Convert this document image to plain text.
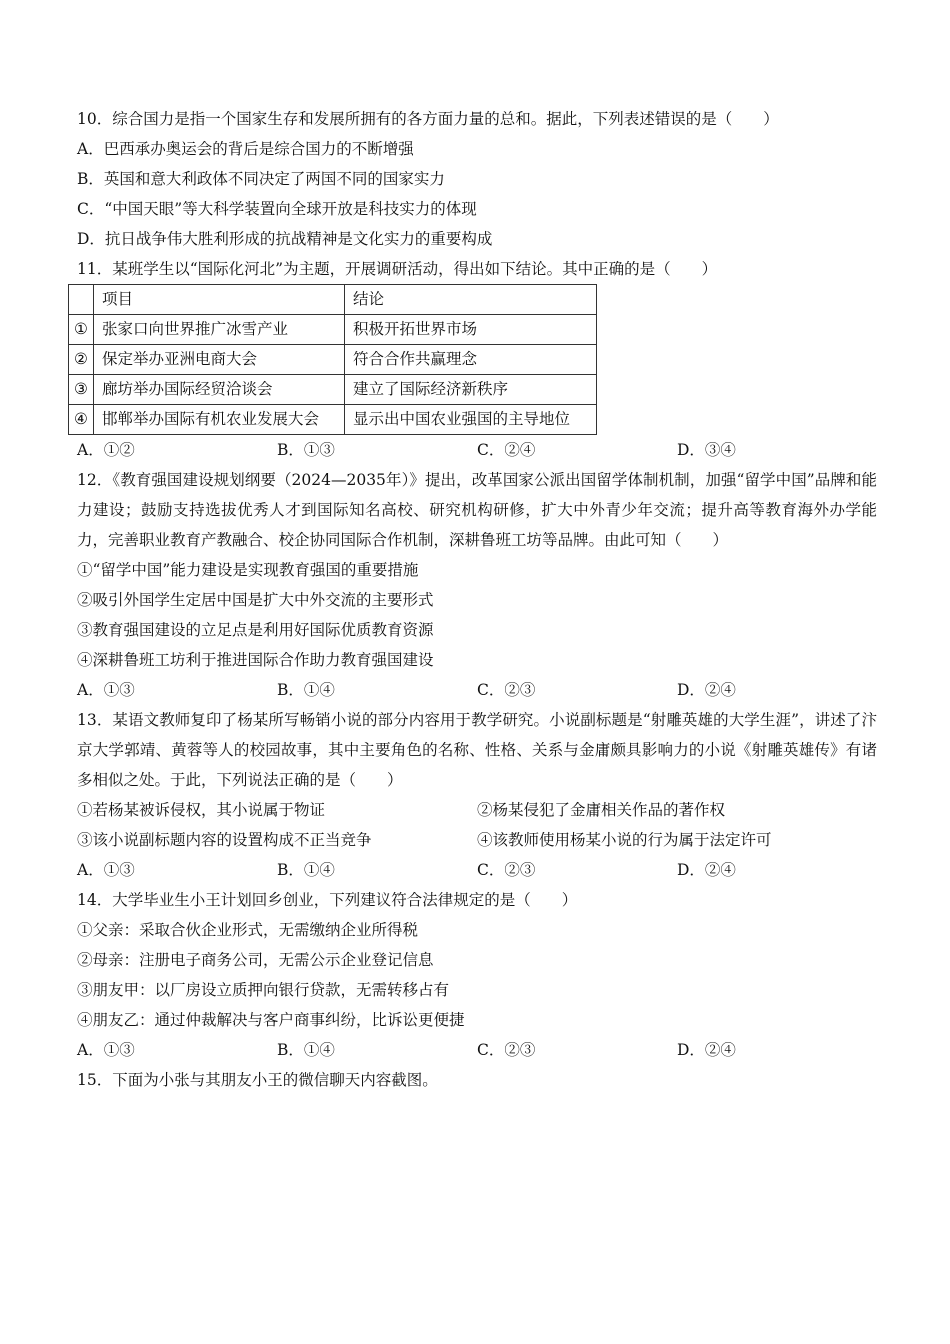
10．综合国力是指一个国家生存和发展所拥有的各方面力量的总和。据此，下列表述错误的是（　　）
A．巴西承办奥运会的背后是综合国力的不断增强
B．英国和意大利政体不同决定了两国不同的国家实力
C．“中国天眼”等大科学装置向全球开放是科技实力的体现
D．抗日战争伟大胜利形成的抗战精神是文化实力的重要构成
11．某班学生以“国际化河北”为主题，开展调研活动，得出如下结论。其中正确的是（　　）
	项目	结论
①	张家口向世界推广冰雪产业	积极开拓世界市场
②	保定举办亚洲电商大会	符合合作共赢理念
③	廊坊举办国际经贸洽谈会	建立了国际经济新秩序
④	邯郸举办国际有机农业发展大会	显示出中国农业强国的主导地位
A．①②	B．①③	C．②④	D．③④
12．《教育强国建设规划纲要（2024—2035年）》提出，改革国家公派出国留学体制机制，加强“留学中国”品牌和能力建设；鼓励支持选拔优秀人才到国际知名高校、研究机构研修，扩大中外青少年交流；提升高等教育海外办学能力，完善职业教育产教融合、校企协同国际合作机制，深耕鲁班工坊等品牌。由此可知（　　）
①“留学中国”能力建设是实现教育强国的重要措施
②吸引外国学生定居中国是扩大中外交流的主要形式
③教育强国建设的立足点是利用好国际优质教育资源
④深耕鲁班工坊利于推进国际合作助力教育强国建设
A．①③	B．①④	C．②③	D．②④
13．某语文教师复印了杨某所写畅销小说的部分内容用于教学研究。小说副标题是“射雕英雄的大学生涯”，讲述了汴京大学郭靖、黄蓉等人的校园故事，其中主要角色的名称、性格、关系与金庸颇具影响力的小说《射雕英雄传》有诸多相似之处。于此，下列说法正确的是（　　）
①若杨某被诉侵权，其小说属于物证	②杨某侵犯了金庸相关作品的著作权
③该小说副标题内容的设置构成不正当竞争	④该教师使用杨某小说的行为属于法定许可
A．①③	B．①④	C．②③	D．②④
14．大学毕业生小王计划回乡创业，下列建议符合法律规定的是（　　）
①父亲：采取合伙企业形式，无需缴纳企业所得税
②母亲：注册电子商务公司，无需公示企业登记信息
③朋友甲：以厂房设立质押向银行贷款，无需转移占有
④朋友乙：通过仲裁解决与客户商事纠纷，比诉讼更便捷
A．①③	B．①④	C．②③	D．②④
15．下面为小张与其朋友小王的微信聊天内容截图。
